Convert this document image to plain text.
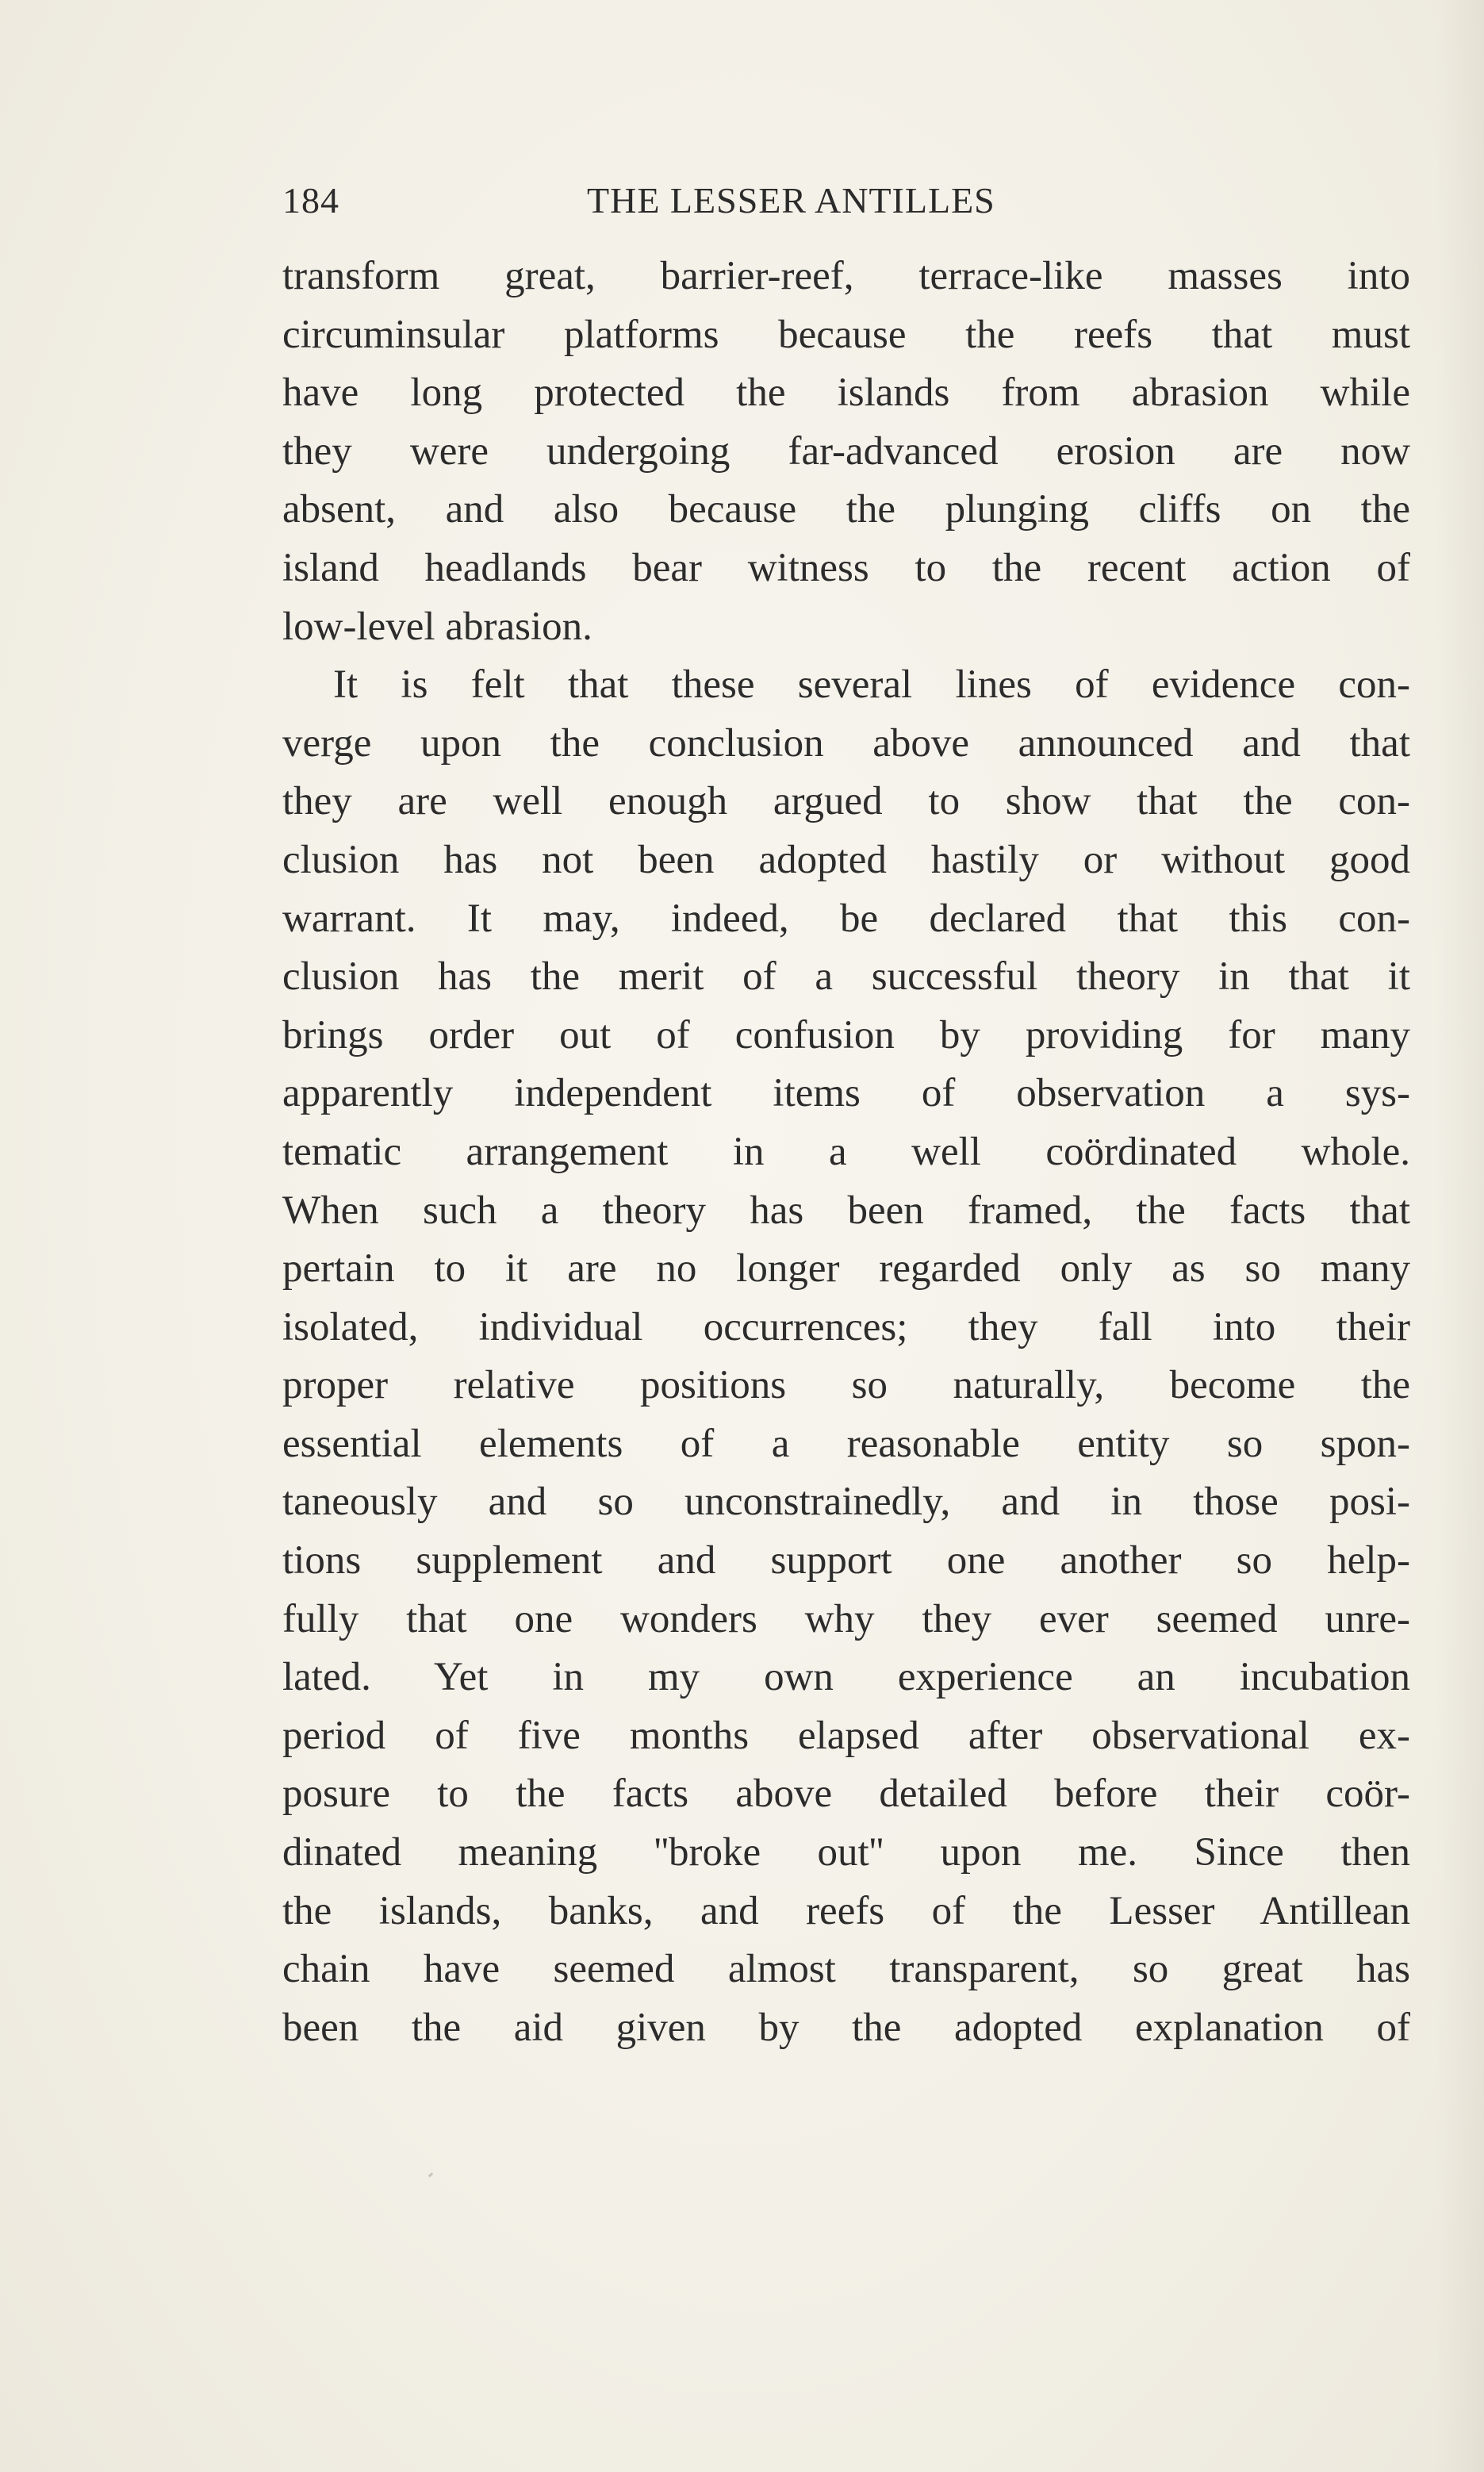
184	THE LESSER ANTILLES

transform great, barrier-reef, terrace-like masses into
circuminsular platforms because the reefs that must
have long protected the islands from abrasion while
they were undergoing far-advanced erosion are now
absent, and also because the plunging cliffs on the
island headlands bear witness to the recent action of
low-level abrasion.

It is felt that these several lines of evidence con-
verge upon the conclusion above announced and that
they are well enough argued to show that the con-
clusion has not been adopted hastily or without good
warrant. It may, indeed, be declared that this con-
clusion has the merit of a successful theory in that it
brings order out of confusion by providing for many
apparently independent items of observation a sys-
tematic arrangement in a well coördinated whole.
When such a theory has been framed, the facts that
pertain to it are no longer regarded only as so many
isolated, individual occurrences; they fall into their
proper relative positions so naturally, become the
essential elements of a reasonable entity so spon-
taneously and so unconstrainedly, and in those posi-
tions supplement and support one another so help-
fully that one wonders why they ever seemed unre-
lated. Yet in my own experience an incubation
period of five months elapsed after observational ex-
posure to the facts above detailed before their coör-
dinated meaning ''broke out'' upon me. Since then
the islands, banks, and reefs of the Lesser Antillean
chain have seemed almost transparent, so great has
been the aid given by the adopted explanation of
